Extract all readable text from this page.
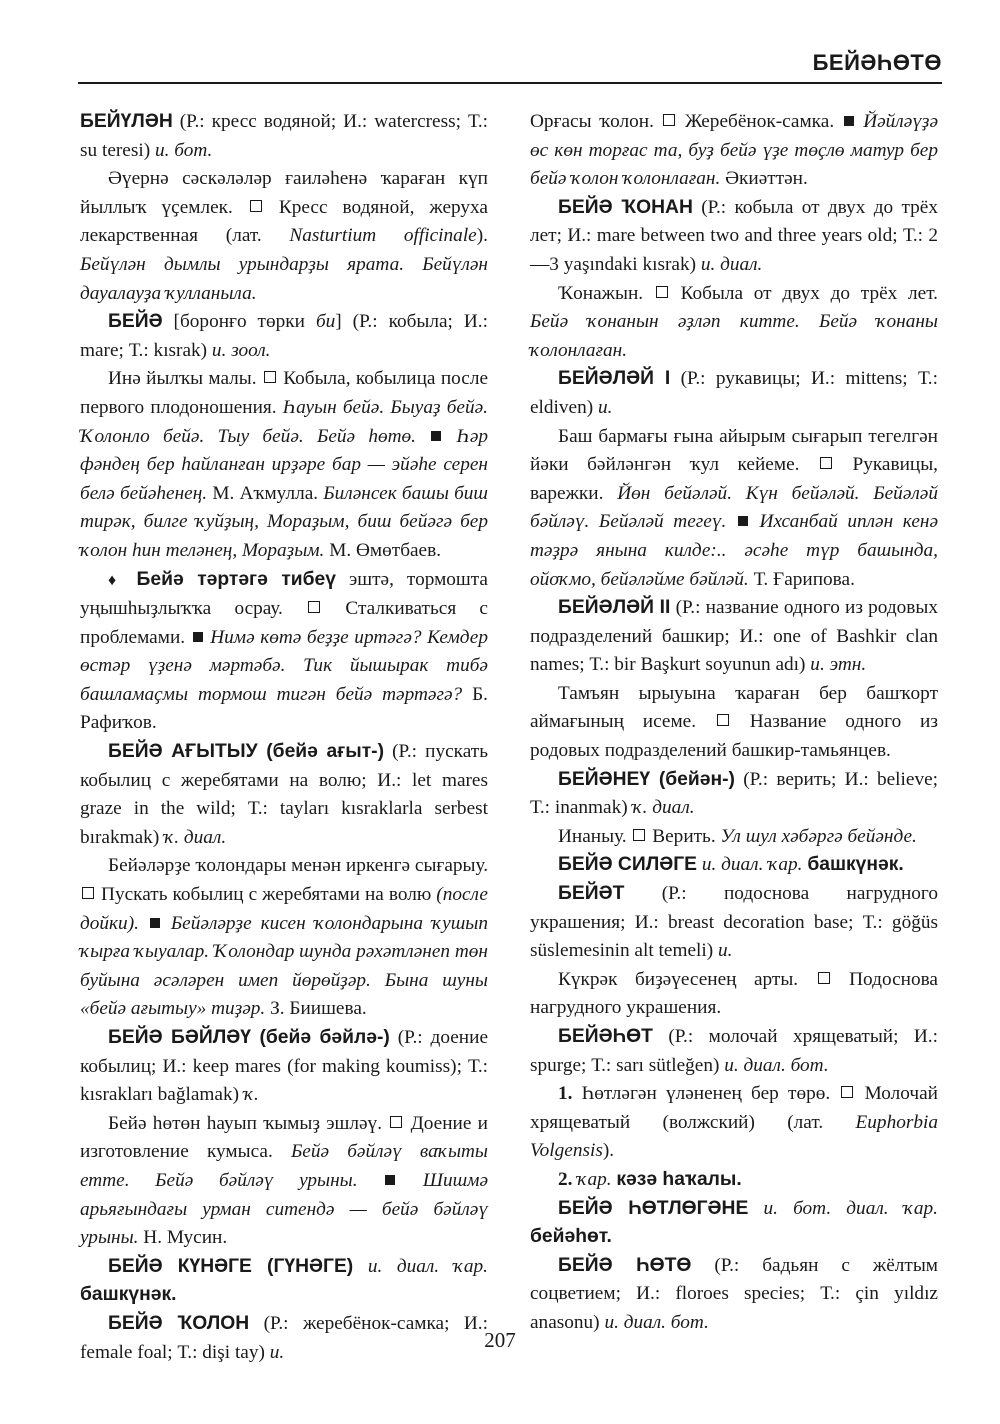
БЕЙӘҺӨТӨ

БЕЙҮЛӘН (Р.: кресс водяной; И.: watercress; Т.: su teresi) и. бот.

Әүернә сәскәләләр ғаиләһенә ҡараған күп йыллыҡ үҫемлек.  Кресс водяной, жеруха лекарственная (лат. Nasturtium officinale). Бейүлән дымлы урындарҙы ярата. Бейүлән дауалауҙа ҡулланыла.

БЕЙӘ [боронғо төрки би] (Р.: кобыла; И.: mare; Т.: kısrak) и. зоол.

Инә йылҡы малы.  Кобыла, кобылица после первого плодоношения. Һауын бейә. Быуаҙ бейә. Ҡолонло бейә. Тыу бейә. Бейә һөтө.  Һәр фәндең бер һайланған ирҙәре бар — эйәһе серен белә бейәһенең. М. Аҡмулла. Биләнсек башы биш тирәк, билге ҡуйҙың, Мораҙым, биш бейәгә бер ҡолон һин теләнең, Мораҙым. М. Өмөтбаев.

♦ Бейә тәртәгә тибеү эштә, тормошта уңышһыҙлыҡҡа осрау.  Сталкиваться с проблемами.  Нимә көтә беҙҙе иртәгә? Кемдер өстәр үҙенә мәртәбә. Тик йышырак тибә башламаҫмы тормош тигән бейә тәртәгә? Б. Рафиҡов.

БЕЙӘ АҒЫТЫУ (бейә ағыт-) (Р.: пускать кобылиц с жеребятами на волю; И.: let mares graze in the wild; Т.: tayları kısraklarla serbest bırakmak) ҡ. диал.

Бейәләрҙе ҡолондары менән иркенгә сығарыу.  Пускать кобылиц с жеребятами на волю (после дойки). Бейәләрҙе кисен ҡолондарына ҡушып ҡырға ҡыуалар. Ҡолондар шунда рәхәтләнеп төн буйына әсәләрен имеп йөрөйҙәр. Бына шуны «бейә ағытыу» тиҙәр. З. Биишева.

БЕЙӘ БӘЙЛӘҮ (бейә бәйлә-) (Р.: доение кобылиц; И.: keep mares (for making koumiss); Т.: kısrakları bağlamak) ҡ.

Бейә һөтөн һауып ҡымыҙ эшләү.  Доение и изготовление кумыса. Бейә бәйләү ваҡыты етте. Бейә бәйләү урыны.  Шишмә арьяғындағы урман ситендә — бейә бәйләү урыны. Н. Мусин.

БЕЙӘ КҮНӘГЕ (ГҮНӘГЕ) и. диал. ҡар. башкүнәк.

БЕЙӘ ҠОЛОН (Р.: жеребёнок-самка; И.: female foal; Т.: dişi tay) и.

Орғасы ҡолон.  Жеребёнок-самка.  Йәйләүҙә өс көн торғас та, буҙ бейә үҙе төҫлө матур бер бейә ҡолон ҡолонлаған. Әкиәттән.

БЕЙӘ ҠОНАН (Р.: кобыла от двух до трёх лет; И.: mare between two and three years old; Т.: 2—3 yaşındaki kısrak) и. диал.

Ҡонажын.  Кобыла от двух до трёх лет. Бейә ҡонанын әҙләп китте. Бейә ҡонаны ҡолонлаған.

БЕЙӘЛӘЙ I (Р.: рукавицы; И.: mittens; Т.: eldiven) и.

Баш бармағы ғына айырым сығарып тегелгән йәки бәйләнгән ҡул кейеме.  Рукавицы, варежки. Йөн бейәләй. Күн бейәләй. Бейәләй бәйләү. Бейәләй тегеү.  Ихсанбай иплән кенә тәҙрә янына килде:.. әсәһе түр башында, ойоҡмо, бейәләйме бәйләй. Т. Ғарипова.

БЕЙӘЛӘЙ II (Р.: название одного из родовых подразделений башкир; И.: one of Bashkir clan names; Т.: bir Başkurt soyunun adı) и. этн.

Тамъян ырыуына ҡараған бер башҡорт аймағының исеме.  Название одного из родовых подразделений башкир-тамьянцев.

БЕЙӘНЕҮ (бейән-) (Р.: верить; И.: believe; Т.: inanmak) ҡ. диал.

Инаныу.  Верить. Ул шул хәбәргә бейәнде.

БЕЙӘ СИЛӘГЕ и. диал. ҡар. башкүнәк.

БЕЙӘТ (Р.: подоснова нагрудного украшения; И.: breast decoration base; Т.: göğüs süslemesinin alt temeli) и.

Күкрәк биҙәүесенең арты.  Подоснова нагрудного украшения.

БЕЙӘҺӨТ (Р.: молочай хрящеватый; И.: spurge; Т.: sarı sütleğen) и. диал. бот.

1. Һөтләгән үләненең бер төрө.  Молочай хрящеватый (волжский) (лат. Euphorbia Volgensis).

2. ҡар. кәзә һаҡалы.

БЕЙӘ ҺӨТЛӨГӘНЕ и. бот. диал. ҡар. бейәһөт.

БЕЙӘ ҺӨТӨ (Р.: бадьян с жёлтым соцветием; И.: floroes species; Т.: çin yıldız anasonu) и. диал. бот.

207
